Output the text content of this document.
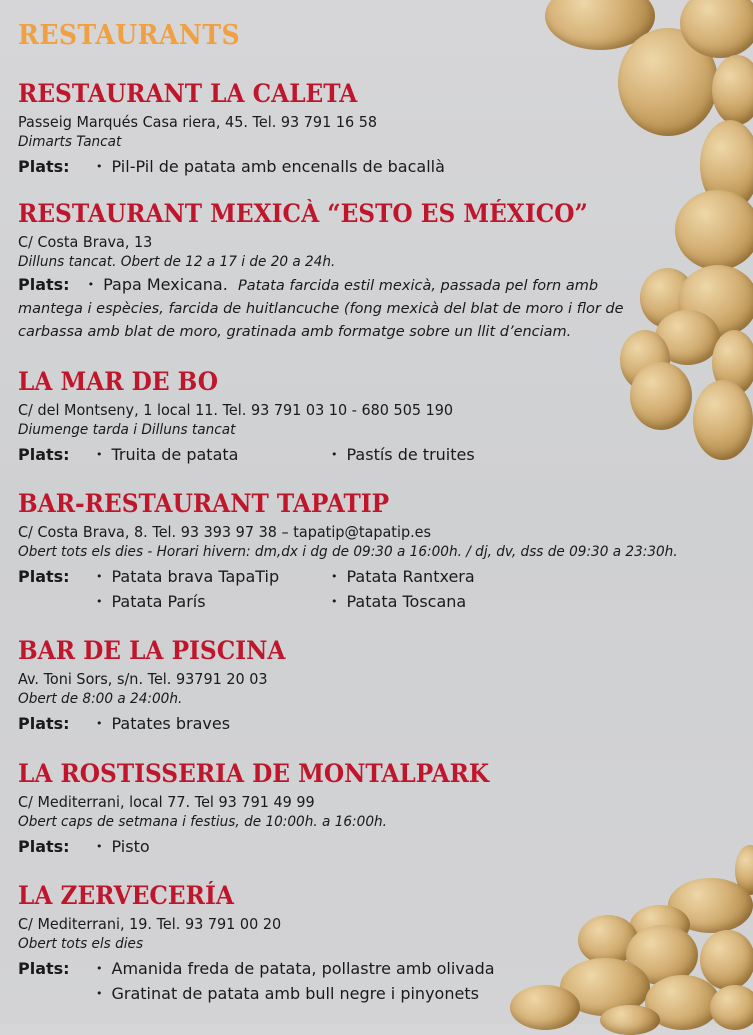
RESTAURANTS
RESTAURANT LA CALETA
Passeig Marqués Casa riera, 45. Tel. 93 791 16 58
Dimarts Tancat
Plats:	• Pil-Pil de patata amb encenalls de bacallà
RESTAURANT MEXICÀ “ESTO ES MÉXICO”
C/ Costa Brava, 13
Dilluns tancat. Obert de 12 a 17 i de 20 a 24h.
Plats: • Papa Mexicana. Patata farcida estil mexicà, passada pel forn amb mantega i espècies, farcida de huitlancuche (fong mexicà del blat de moro i flor de carbassa amb blat de moro, gratinada amb formatge sobre un llit d’enciam.
LA MAR DE BO
C/ del Montseny, 1 local 11. Tel. 93 791 03 10 - 680 505 190
Diumenge tarda i Dilluns tancat
Plats:	• Truita de patata	• Pastís de truites
BAR-RESTAURANT TAPATIP
C/ Costa Brava, 8. Tel. 93 393 97 38 – tapatip@tapatip.es
Obert tots els dies - Horari hivern: dm,dx i dg de 09:30 a 16:00h. / dj, dv, dss de 09:30 a 23:30h.
Plats:	• Patata brava TapaTip	• Patata Rantxera
• Patata París	• Patata Toscana
BAR DE LA PISCINA
Av. Toni Sors, s/n. Tel. 93791 20 03
Obert de 8:00 a 24:00h.
Plats:	• Patates braves
LA ROSTISSERIA DE MONTALPARK
C/ Mediterrani, local 77. Tel 93 791 49 99
Obert caps de setmana i festius, de 10:00h. a 16:00h.
Plats:	• Pisto
LA ZERVECERÍA
C/ Mediterrani, 19. Tel. 93 791 00 20
Obert tots els dies
Plats:	• Amanida freda de patata, pollastre amb olivada
• Gratinat de patata amb bull negre i pinyonets
